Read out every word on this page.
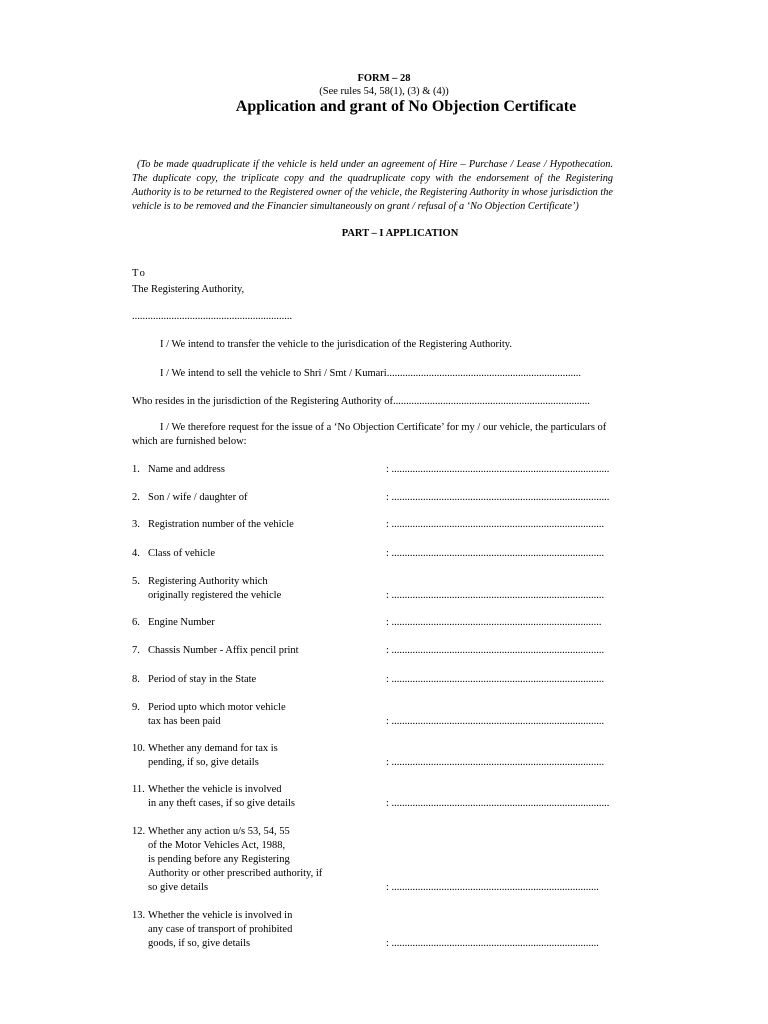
FORM – 28
(See rules 54, 58(1), (3) & (4))
Application and grant of No Objection Certificate
(To be made quadruplicate if the vehicle is held under an agreement of Hire – Purchase / Lease / Hypothecation. The duplicate copy, the triplicate copy and the quadruplicate copy with the endorsement of the Registering Authority is to be returned to the Registered owner of the vehicle, the Registering Authority in whose jurisdiction the vehicle is to be removed and the Financier simultaneously on grant / refusal of a ‘No Objection Certificate’)
PART – I APPLICATION
To
The Registering Authority,
.............................................................
I / We intend to transfer the vehicle to the jurisdication of the Registering Authority.
I / We intend to sell the vehicle to Shri / Smt / Kumari..........................................................................
Who resides in the jurisdiction of the Registering Authority of...........................................................................
I / We therefore request for the issue of a ‘No Objection Certificate’ for my / our vehicle, the particulars of which are furnished below:
1. Name and address	: ...................................................................................
2. Son / wife / daughter of	: ...................................................................................
3. Registration number of the vehicle	: .................................................................................
4. Class of vehicle	: .................................................................................
5. Registering Authority which
originally registered the vehicle	: .................................................................................
6. Engine Number	: ................................................................................
7. Chassis Number - Affix pencil print	: .................................................................................
8. Period of stay in the State	: .................................................................................
9. Period upto which motor vehicle
tax has been paid	: .................................................................................
10. Whether any demand for tax is
pending, if so, give details	: .................................................................................
11. Whether the vehicle is involved
in any theft cases, if so give details	: ...................................................................................
12. Whether any action u/s 53, 54, 55
of the Motor Vehicles Act, 1988,
is pending before any Registering
Authority or other prescribed authority, if
so give details	: ...............................................................................
13. Whether the vehicle is involved in
any case of transport of prohibited
goods, if so, give details	: ...............................................................................
